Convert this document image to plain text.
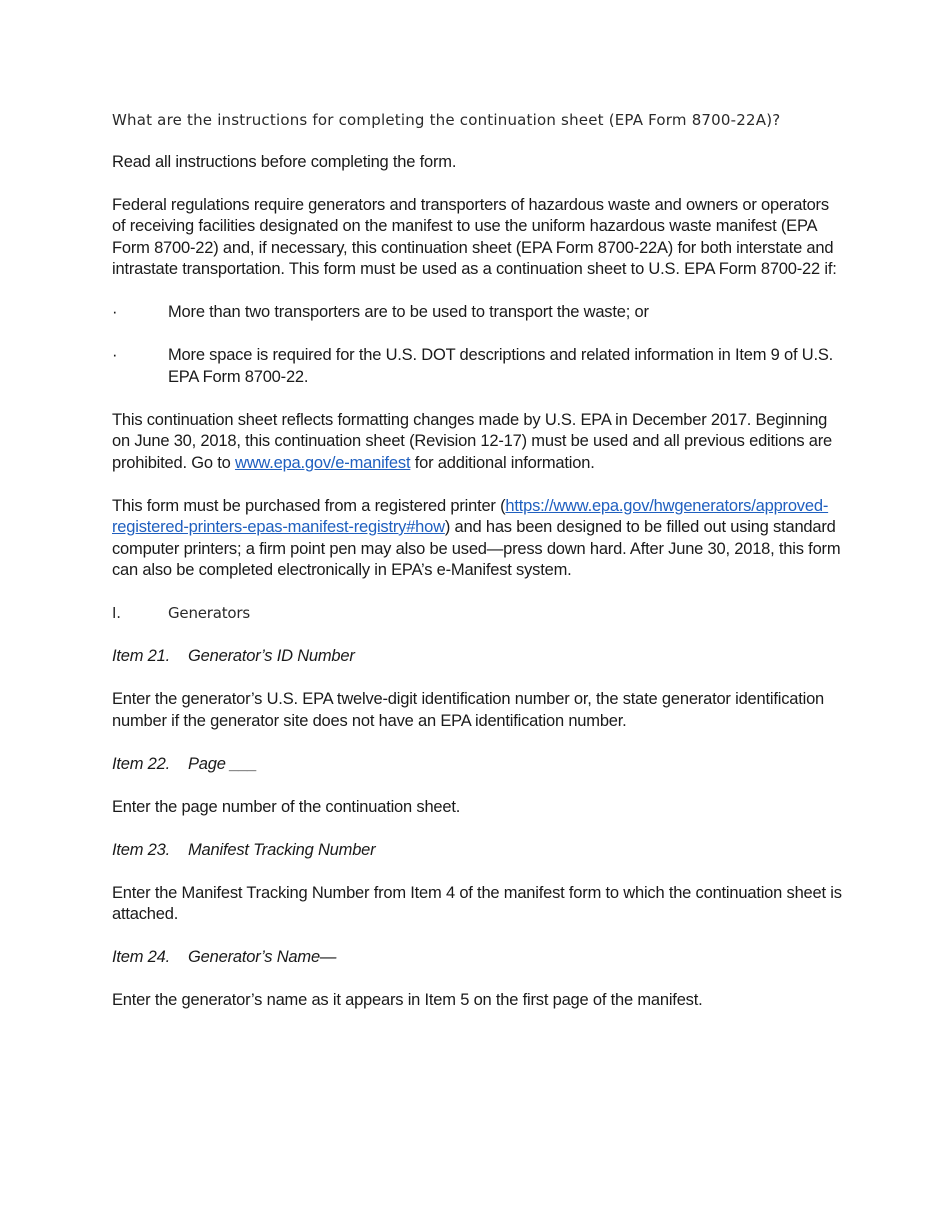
What are the instructions for completing the continuation sheet (EPA Form 8700-22A)?

Read all instructions before completing the form.

Federal regulations require generators and transporters of hazardous waste and owners or operators of receiving facilities designated on the manifest to use the uniform hazardous waste manifest (EPA Form 8700-22) and, if necessary, this continuation sheet (EPA Form 8700-22A) for both interstate and intrastate transportation. This form must be used as a continuation sheet to U.S. EPA Form 8700-22 if:

·	More than two transporters are to be used to transport the waste; or
·	More space is required for the U.S. DOT descriptions and related information in Item 9 of U.S. EPA Form 8700-22.

This continuation sheet reflects formatting changes made by U.S. EPA in December 2017. Beginning on June 30, 2018, this continuation sheet (Revision 12-17) must be used and all previous editions are prohibited. Go to www.epa.gov/e-manifest for additional information.

This form must be purchased from a registered printer (https://www.epa.gov/hwgenerators/approved-registered-printers-epas-manifest-registry#how) and has been designed to be filled out using standard computer printers; a firm point pen may also be used—press down hard. After June 30, 2018, this form can also be completed electronically in EPA’s e-Manifest system.

I.	Generators
Item 21. Generator’s ID Number

Enter the generator’s U.S. EPA twelve-digit identification number or, the state generator identification number if the generator site does not have an EPA identification number.

Item 22. Page ___

Enter the page number of the continuation sheet.

Item 23. Manifest Tracking Number

Enter the Manifest Tracking Number from Item 4 of the manifest form to which the continuation sheet is attached.

Item 24. Generator’s Name—

Enter the generator’s name as it appears in Item 5 on the first page of the manifest.
